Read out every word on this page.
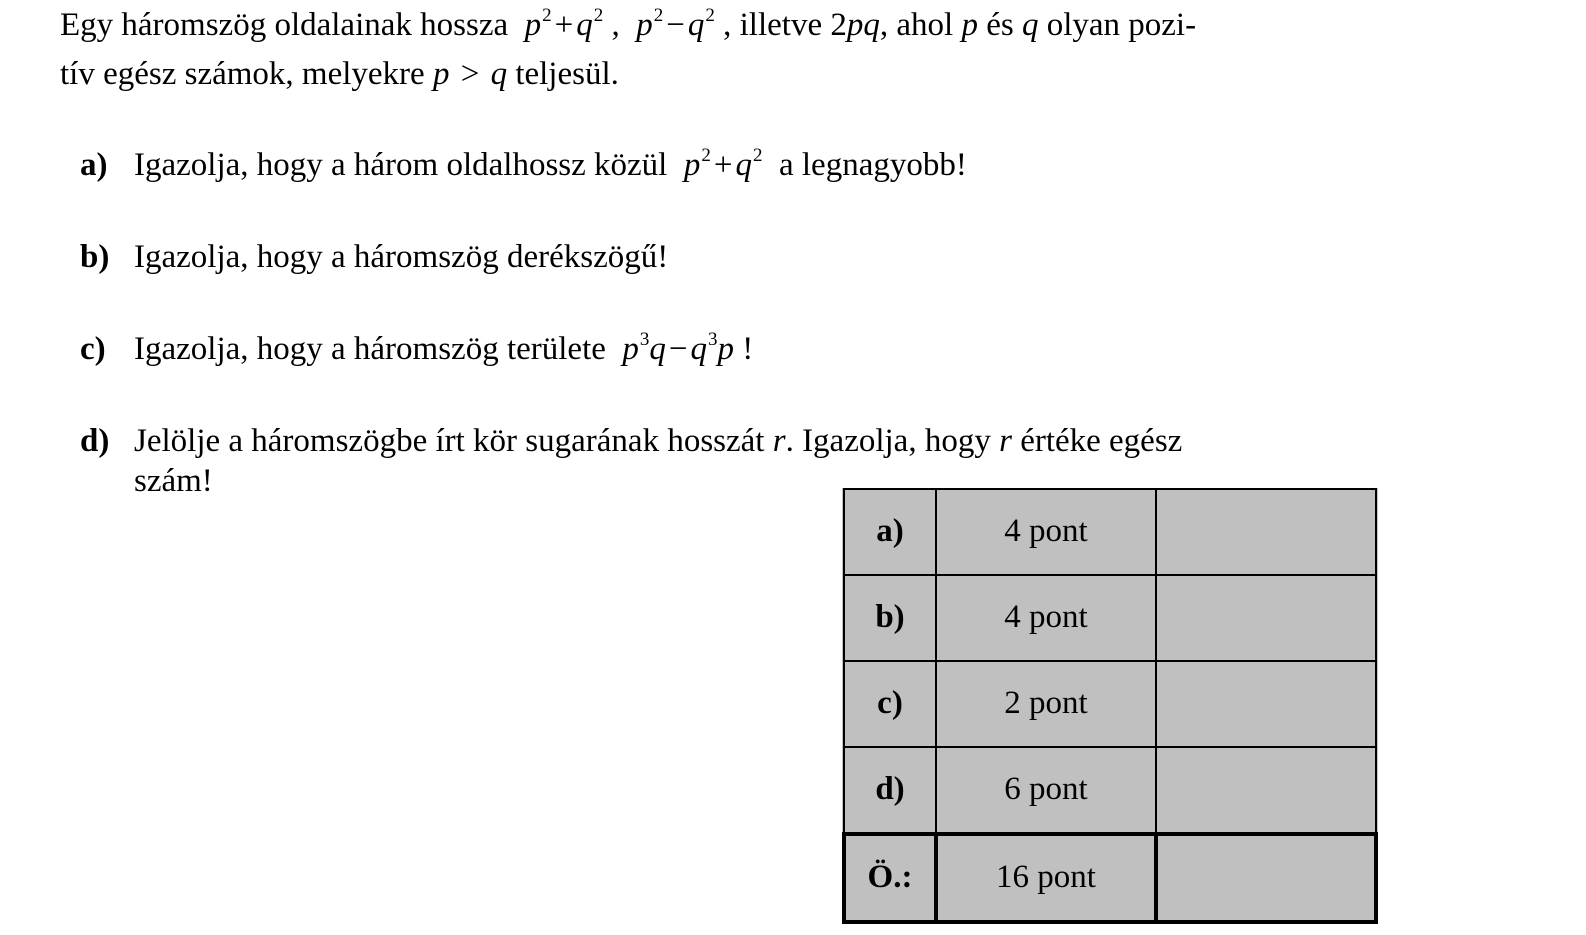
Egy háromszög oldalainak hossza $p^2+q^2$ ,  $p^2-q^2$ , illetve 2pq, ahol p és q olyan pozi-
tív egész számok, melyekre p > q teljesül.
a) Igazolja, hogy a három oldalhossz közül $p^2+q^2$ a legnagyobb!
b) Igazolja, hogy a háromszög derékszögű!
c) Igazolja, hogy a háromszög területe $p^3q-q^3p$ !
d) Jelölje a háromszögbe írt kör sugarának hosszát r. Igazolja, hogy r értéke egész
szám!
a)	4 pont	
b)	4 pont	
c)	2 pont	
d)	6 pont	
Ö.:	16 pont	
